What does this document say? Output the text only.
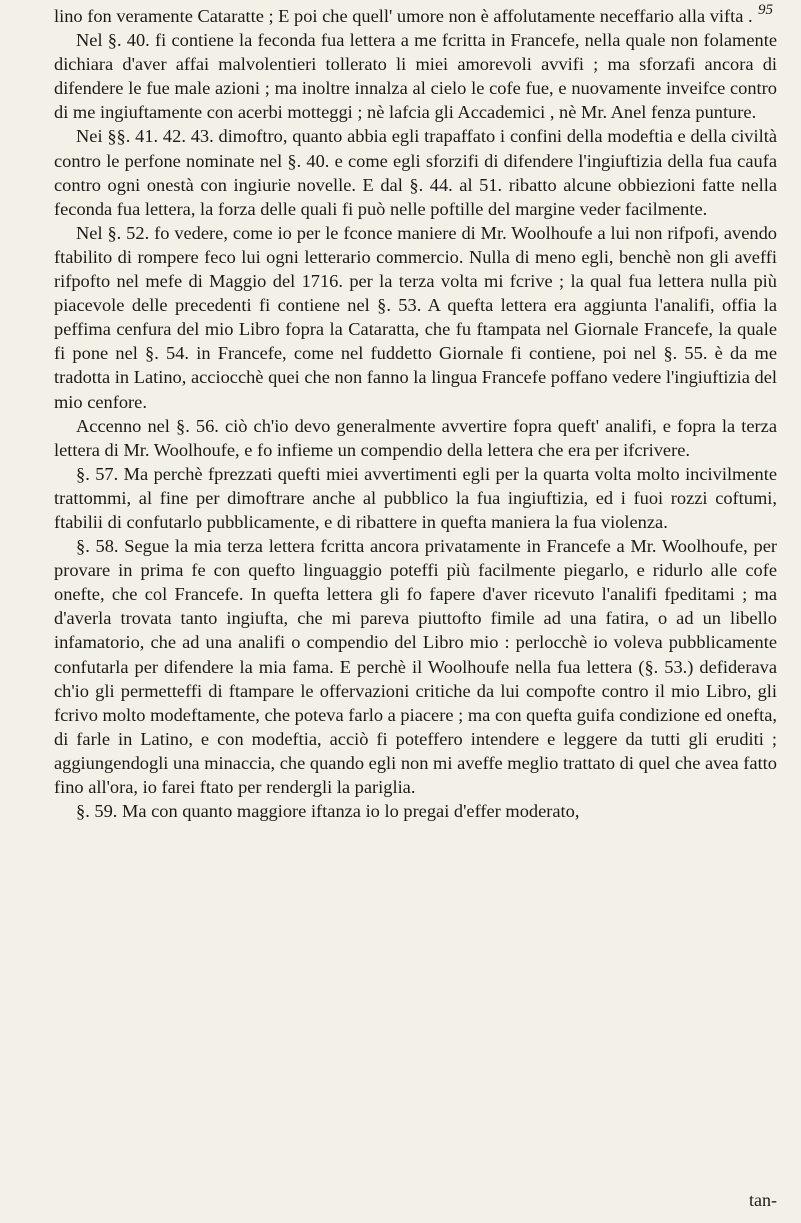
95

lino fon veramente Cataratte ; E poi che quell' umore non è affolutamente neceffario alla vifta .

Nel §. 40. fi contiene la feconda fua lettera a me fcritta in Francefe, nella quale non folamente dichiara d'aver affai malvolentieri tollerato li miei amorevoli avvifi ; ma sforzafi ancora di difendere le fue male azioni ; ma inoltre innalza al cielo le cofe fue, e nuovamente inveifce contro di me ingiuftamente con acerbi motteggi ; nè lafcia gli Accademici , nè Mr. Anel fenza punture.

Nei §§. 41. 42. 43. dimoftro, quanto abbia egli trapaffato i confini della modeftia e della civiltà contro le perfone nominate nel §. 40. e come egli sforzifi di difendere l'ingiuftizia della fua caufa contro ogni onestà con ingiurie novelle. E dal §. 44. al 51. ribatto alcune obbiezioni fatte nella feconda fua lettera, la forza delle quali fi può nelle poftille del margine veder facilmente.

Nel §. 52. fo vedere, come io per le fconce maniere di Mr. Woolhoufe a lui non rifpofi, avendo ftabilito di rompere feco lui ogni letterario commercio. Nulla di meno egli, benchè non gli aveffi rifpofto nel mefe di Maggio del 1716. per la terza volta mi fcrive ; la qual fua lettera nulla più piacevole delle precedenti fi contiene nel §. 53. A quefta lettera era aggiunta l'analifi, offia la peffima cenfura del mio Libro fopra la Cataratta, che fu ftampata nel Giornale Francefe, la quale fi pone nel §. 54. in Francefe, come nel fuddetto Giornale fi contiene, poi nel §. 55. è da me tradotta in Latino, acciocchè quei che non fanno la lingua Francefe poffano vedere l'ingiuftizia del mio cenfore.

Accenno nel §. 56. ciò ch'io devo generalmente avvertire fopra queft' analifi, e fopra la terza lettera di Mr. Woolhoufe, e fo infieme un compendio della lettera che era per ifcrivere.

§. 57. Ma perchè fprezzati quefti miei avvertimenti egli per la quarta volta molto incivilmente trattommi, al fine per dimoftrare anche al pubblico la fua ingiuftizia, ed i fuoi rozzi coftumi, ftabilii di confutarlo pubblicamente, e di ribattere in quefta maniera la fua violenza.

§. 58. Segue la mia terza lettera fcritta ancora privatamente in Francefe a Mr. Woolhoufe, per provare in prima fe con quefto linguaggio poteffi più facilmente piegarlo, e ridurlo alle cofe onefte, che col Francefe. In quefta lettera gli fo fapere d'aver ricevuto l'analifi fpeditami ; ma d'averla trovata tanto ingiufta, che mi pareva piuttofto fimile ad una fatira, o ad un libello infamatorio, che ad una analifi o compendio del Libro mio : perlocchè io voleva pubblicamente confutarla per difendere la mia fama. E perchè il Woolhoufe nella fua lettera (§. 53.) defiderava ch'io gli permetteffi di ftampare le offervazioni critiche da lui compofte contro il mio Libro, gli fcrivo molto modeftamente, che poteva farlo a piacere ; ma con quefta guifa condizione ed onefta, di farle in Latino, e con modeftia, acciò fi poteffero intendere e leggere da tutti gli eruditi ; aggiungendogli una minaccia, che quando egli non mi aveffe meglio trattato di quel che avea fatto fino all'ora, io farei ftato per rendergli la pariglia.

§. 59. Ma con quanto maggiore iftanza io lo pregai d'effer moderato,

tan-
